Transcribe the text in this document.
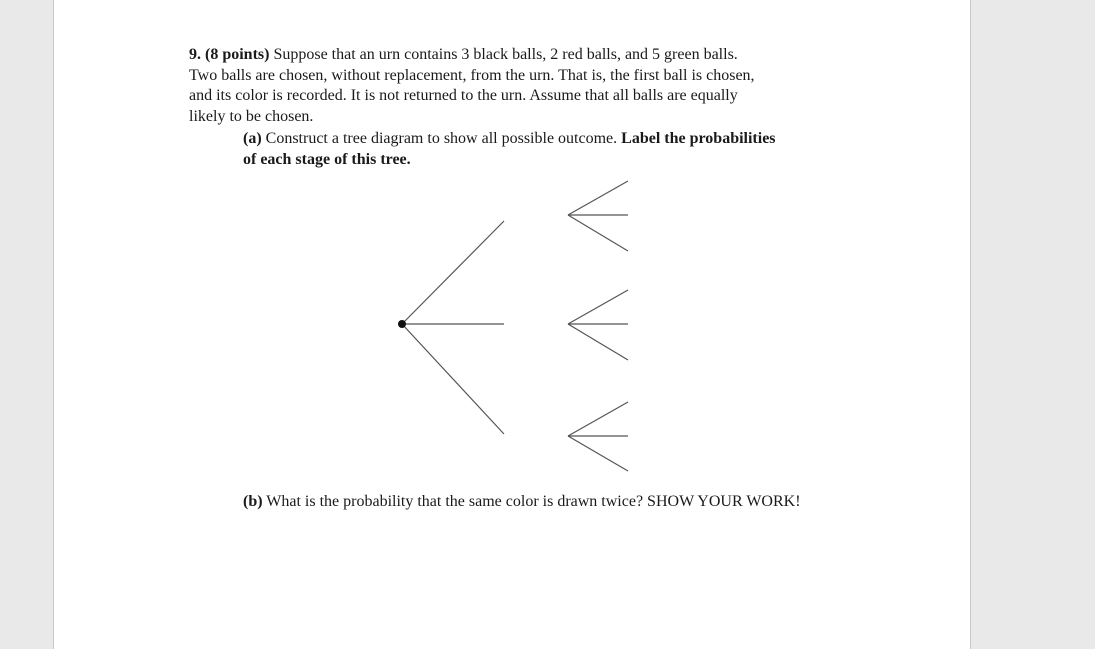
9. (8 points) Suppose that an urn contains 3 black balls, 2 red balls, and 5 green balls.
Two balls are chosen, without replacement, from the urn. That is, the first ball is chosen,
and its color is recorded. It is not returned to the urn. Assume that all balls are equally
likely to be chosen.
(a) Construct a tree diagram to show all possible outcome. Label the probabilities
of each stage of this tree.
(b) What is the probability that the same color is drawn twice? SHOW YOUR WORK!
